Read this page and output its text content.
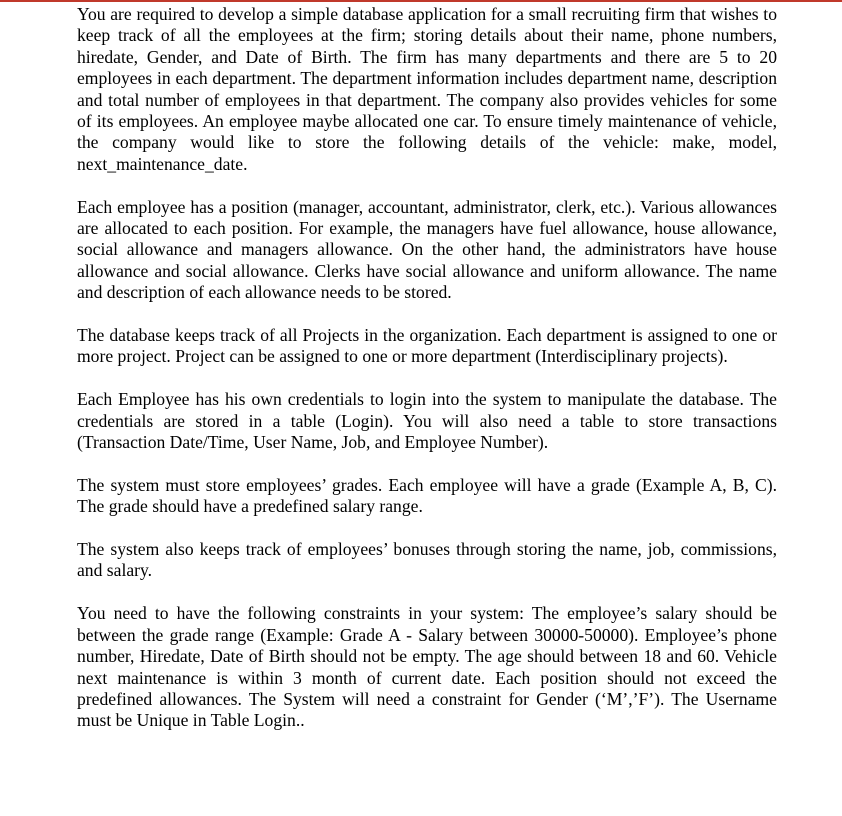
You are required to develop a simple database application for a small recruiting firm that wishes to keep track of all the employees at the firm; storing details about their name, phone numbers, hiredate, Gender, and Date of Birth. The firm has many departments and there are 5 to 20 employees in each department. The department information includes department name, description and total number of employees in that department. The company also provides vehicles for some of its employees. An employee maybe allocated one car. To ensure timely maintenance of vehicle, the company would like to store the following details of the vehicle: make, model, next_maintenance_date.

Each employee has a position (manager, accountant, administrator, clerk, etc.). Various allowances are allocated to each position. For example, the managers have fuel allowance, house allowance, social allowance and managers allowance. On the other hand, the administrators have house allowance and social allowance. Clerks have social allowance and uniform allowance. The name and description of each allowance needs to be stored.

The database keeps track of all Projects in the organization. Each department is assigned to one or more project. Project can be assigned to one or more department (Interdisciplinary projects).

Each Employee has his own credentials to login into the system to manipulate the database. The credentials are stored in a table (Login). You will also need a table to store transactions (Transaction Date/Time, User Name, Job, and Employee Number).

The system must store employees’ grades. Each employee will have a grade (Example A, B, C). The grade should have a predefined salary range.

The system also keeps track of employees’ bonuses through storing the name, job, commissions, and salary.

You need to have the following constraints in your system: The employee’s salary should be between the grade range (Example: Grade A - Salary between 30000-50000). Employee’s phone number, Hiredate, Date of Birth should not be empty. The age should between 18 and 60. Vehicle next maintenance is within 3 month of current date. Each position should not exceed the predefined allowances. The System will need a constraint for Gender (‘M’,’F’). The Username must be Unique in Table Login..
